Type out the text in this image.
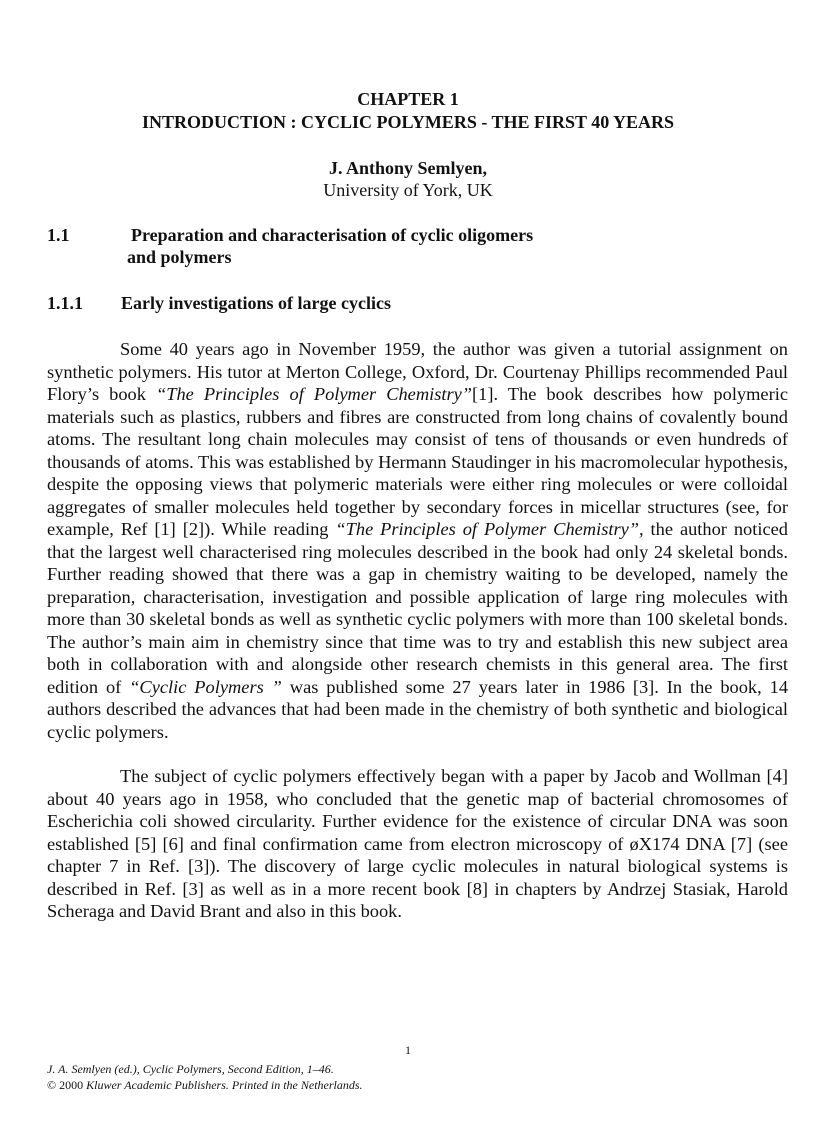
CHAPTER 1
INTRODUCTION : CYCLIC POLYMERS - THE FIRST 40 YEARS
J. Anthony Semlyen,
University of York, UK
1.1	Preparation and characterisation of cyclic oligomers
and polymers
1.1.1 Early investigations of large cyclics

Some 40 years ago in November 1959, the author was given a tutorial assignment on synthetic polymers. His tutor at Merton College, Oxford, Dr. Courtenay Phillips recommended Paul Flory’s book “The Principles of Polymer Chemistry”[1]. The book describes how polymeric materials such as plastics, rubbers and fibres are constructed from long chains of covalently bound atoms. The resultant long chain molecules may consist of tens of thousands or even hundreds of thousands of atoms. This was established by Hermann Staudinger in his macromolecular hypothesis, despite the opposing views that polymeric materials were either ring molecules or were colloidal aggregates of smaller molecules held together by secondary forces in micellar structures (see, for example, Ref [1] [2]). While reading “The Principles of Polymer Chemistry”, the author noticed that the largest well characterised ring molecules described in the book had only 24 skeletal bonds. Further reading showed that there was a gap in chemistry waiting to be developed, namely the preparation, characterisation, investigation and possible application of large ring molecules with more than 30 skeletal bonds as well as synthetic cyclic polymers with more than 100 skeletal bonds. The author’s main aim in chemistry since that time was to try and establish this new subject area both in collaboration with and alongside other research chemists in this general area. The first edition of “Cyclic Polymers ” was published some 27 years later in 1986 [3]. In the book, 14 authors described the advances that had been made in the chemistry of both synthetic and biological cyclic polymers.

The subject of cyclic polymers effectively began with a paper by Jacob and Wollman [4] about 40 years ago in 1958, who concluded that the genetic map of bacterial chromosomes of Escherichia coli showed circularity. Further evidence for the existence of circular DNA was soon established [5] [6] and final confirmation came from electron microscopy of øX174 DNA [7] (see chapter 7 in Ref. [3]). The discovery of large cyclic molecules in natural biological systems is described in Ref. [3] as well as in a more recent book [8] in chapters by Andrzej Stasiak, Harold Scheraga and David Brant and also in this book.

1
J. A. Semlyen (ed.), Cyclic Polymers, Second Edition, 1–46.
© 2000 Kluwer Academic Publishers. Printed in the Netherlands.
